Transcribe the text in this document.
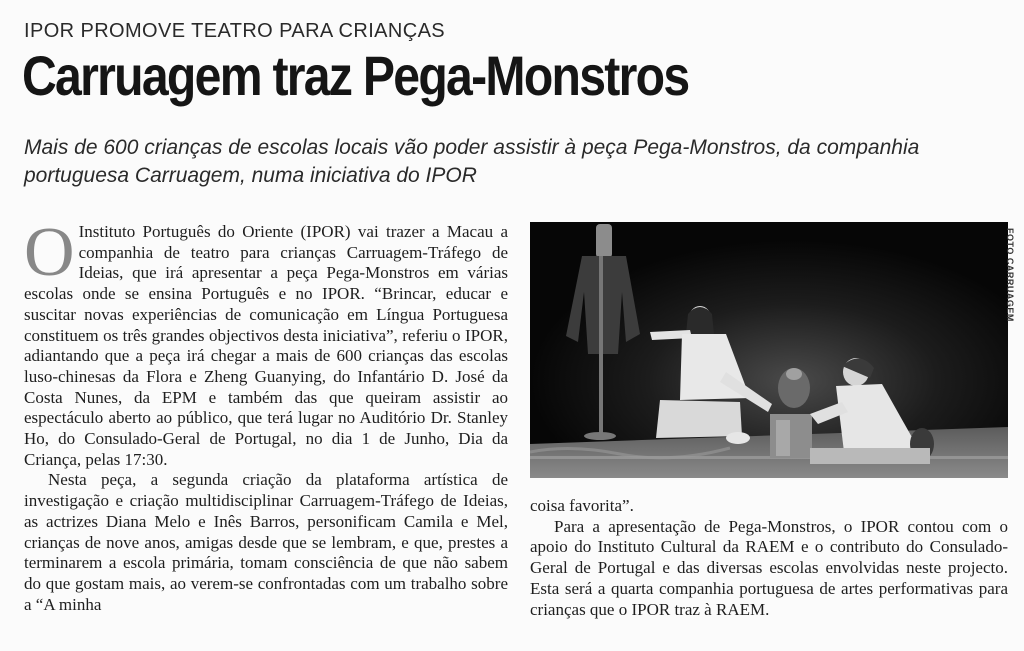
IPOR PROMOVE TEATRO PARA CRIANÇAS
Carruagem traz Pega-Monstros
Mais de 600 crianças de escolas locais vão poder assistir à peça Pega-Monstros, da companhia portuguesa Carruagem, numa iniciativa do IPOR

O Instituto Português do Oriente (IPOR) vai trazer a Macau a companhia de teatro para crianças Carruagem-Tráfego de Ideias, que irá apresentar a peça Pega-Monstros em várias escolas onde se ensina Português e no IPOR. “Brincar, educar e suscitar novas experiências de comunicação em Língua Portuguesa constituem os três grandes objectivos desta iniciativa”, referiu o IPOR, adiantando que a peça irá chegar a mais de 600 crianças das escolas luso-chinesas da Flora e Zheng Guanying, do Infantário D. José da Costa Nunes, da EPM e também das que queiram assistir ao espectáculo aberto ao público, que terá lugar no Auditório Dr. Stanley Ho, do Consulado-Geral de Portugal, no dia 1 de Junho, Dia da Criança, pelas 17:30.

Nesta peça, a segunda criação da plataforma artística de investigação e criação multidisciplinar Carruagem-Tráfego de Ideias, as actrizes Diana Melo e Inês Barros, personificam Camila e Mel, crianças de nove anos, amigas desde que se lembram, e que, prestes a terminarem a escola primária, tomam consciência de que não sabem do que gostam mais, ao verem-se confrontadas com um trabalho sobre a “A minha

FOTO CARRUAGEM

coisa favorita”.

Para a apresentação de Pega-Monstros, o IPOR contou com o apoio do Instituto Cultural da RAEM e o contributo do Consulado-Geral de Portugal e das diversas escolas envolvidas neste projecto. Esta será a quarta companhia portuguesa de artes performativas para crianças que o IPOR traz à RAEM.
